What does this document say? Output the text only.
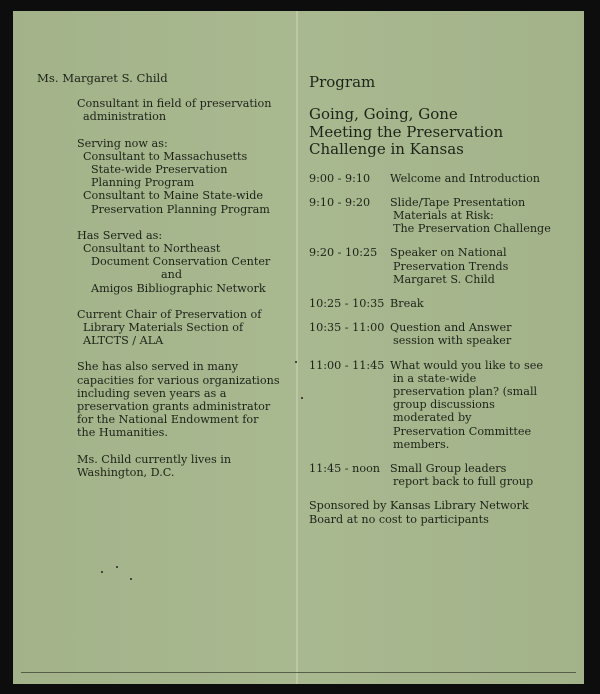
Ms. Margaret S. Child
Consultant in field of preservation
administration
Serving now as:
Consultant to Massachusetts
State-wide Preservation
Planning Program
Consultant to Maine State-wide
Preservation Planning Program
Has Served as:
Consultant to Northeast
Document Conservation Center
and
Amigos Bibliographic Network
Current Chair of Preservation of
Library Materials Section of
ALTCTS / ALA
She has also served in many
capacities for various organizations
including seven years as a
preservation grants administrator
for the National Endowment for
the Humanities.
Ms. Child currently lives in
Washington, D.C.
Program
Going, Going, Gone
Meeting the Preservation
Challenge in Kansas
9:00 - 9:10	Welcome and Introduction
9:10 - 9:20	Slide/Tape Presentation
Materials at Risk:
The Preservation Challenge
9:20 - 10:25	Speaker on National
Preservation Trends
Margaret S. Child
10:25 - 10:35 Break
10:35 - 11:00 Question and Answer
session with speaker
11:00 - 11:45 What would you like to see
in a state-wide
preservation plan? (small
group discussions
moderated by
Preservation Committee
members.
11:45 - noon Small Group leaders
report back to full group
Sponsored by Kansas Library Network
Board at no cost to participants
